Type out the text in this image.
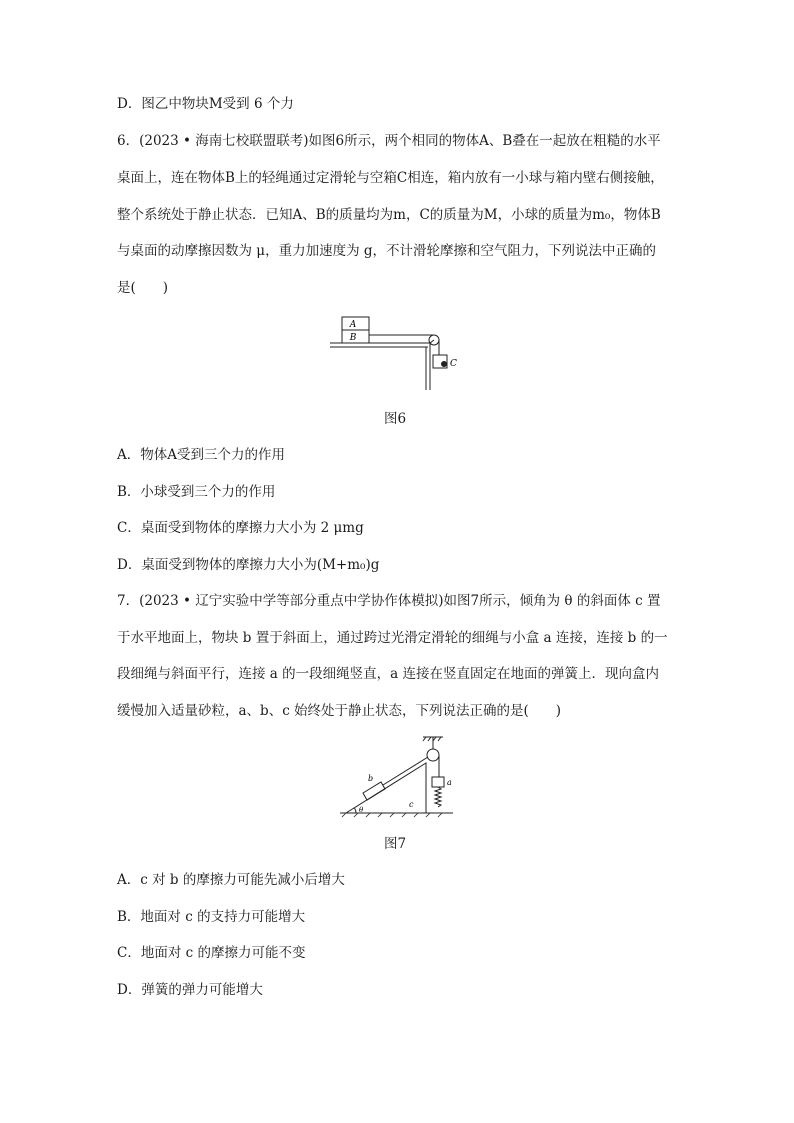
D．图乙中物块M受到 6 个力
6．(2023 • 海南七校联盟联考)如图6所示，两个相同的物体A、B叠在一起放在粗糙的水平
桌面上，连在物体B上的轻绳通过定滑轮与空箱C相连，箱内放有一小球与箱内壁右侧接触，
整个系统处于静止状态．已知A、B的质量均为m，C的质量为M，小球的质量为m₀，物体B
与桌面的动摩擦因数为 μ，重力加速度为 g，不计滑轮摩擦和空气阻力，下列说法中正确的
是(　　)
A
B
C
图6
A．物体A受到三个力的作用
B．小球受到三个力的作用
C．桌面受到物体的摩擦力大小为 2 μmg
D．桌面受到物体的摩擦力大小为(M+m₀)g
7．(2023 • 辽宁实验中学等部分重点中学协作体模拟)如图7所示，倾角为 θ 的斜面体 c 置
于水平地面上，物块 b 置于斜面上，通过跨过光滑定滑轮的细绳与小盒 a 连接，连接 b 的一
段细绳与斜面平行，连接 a 的一段细绳竖直，a 连接在竖直固定在地面的弹簧上．现向盒内
缓慢加入适量砂粒，a、b、c 始终处于静止状态，下列说法正确的是(　　)
b	a
c
θ
图7
A．c 对 b 的摩擦力可能先减小后增大
B．地面对 c 的支持力可能增大
C．地面对 c 的摩擦力可能不变
D．弹簧的弹力可能增大
